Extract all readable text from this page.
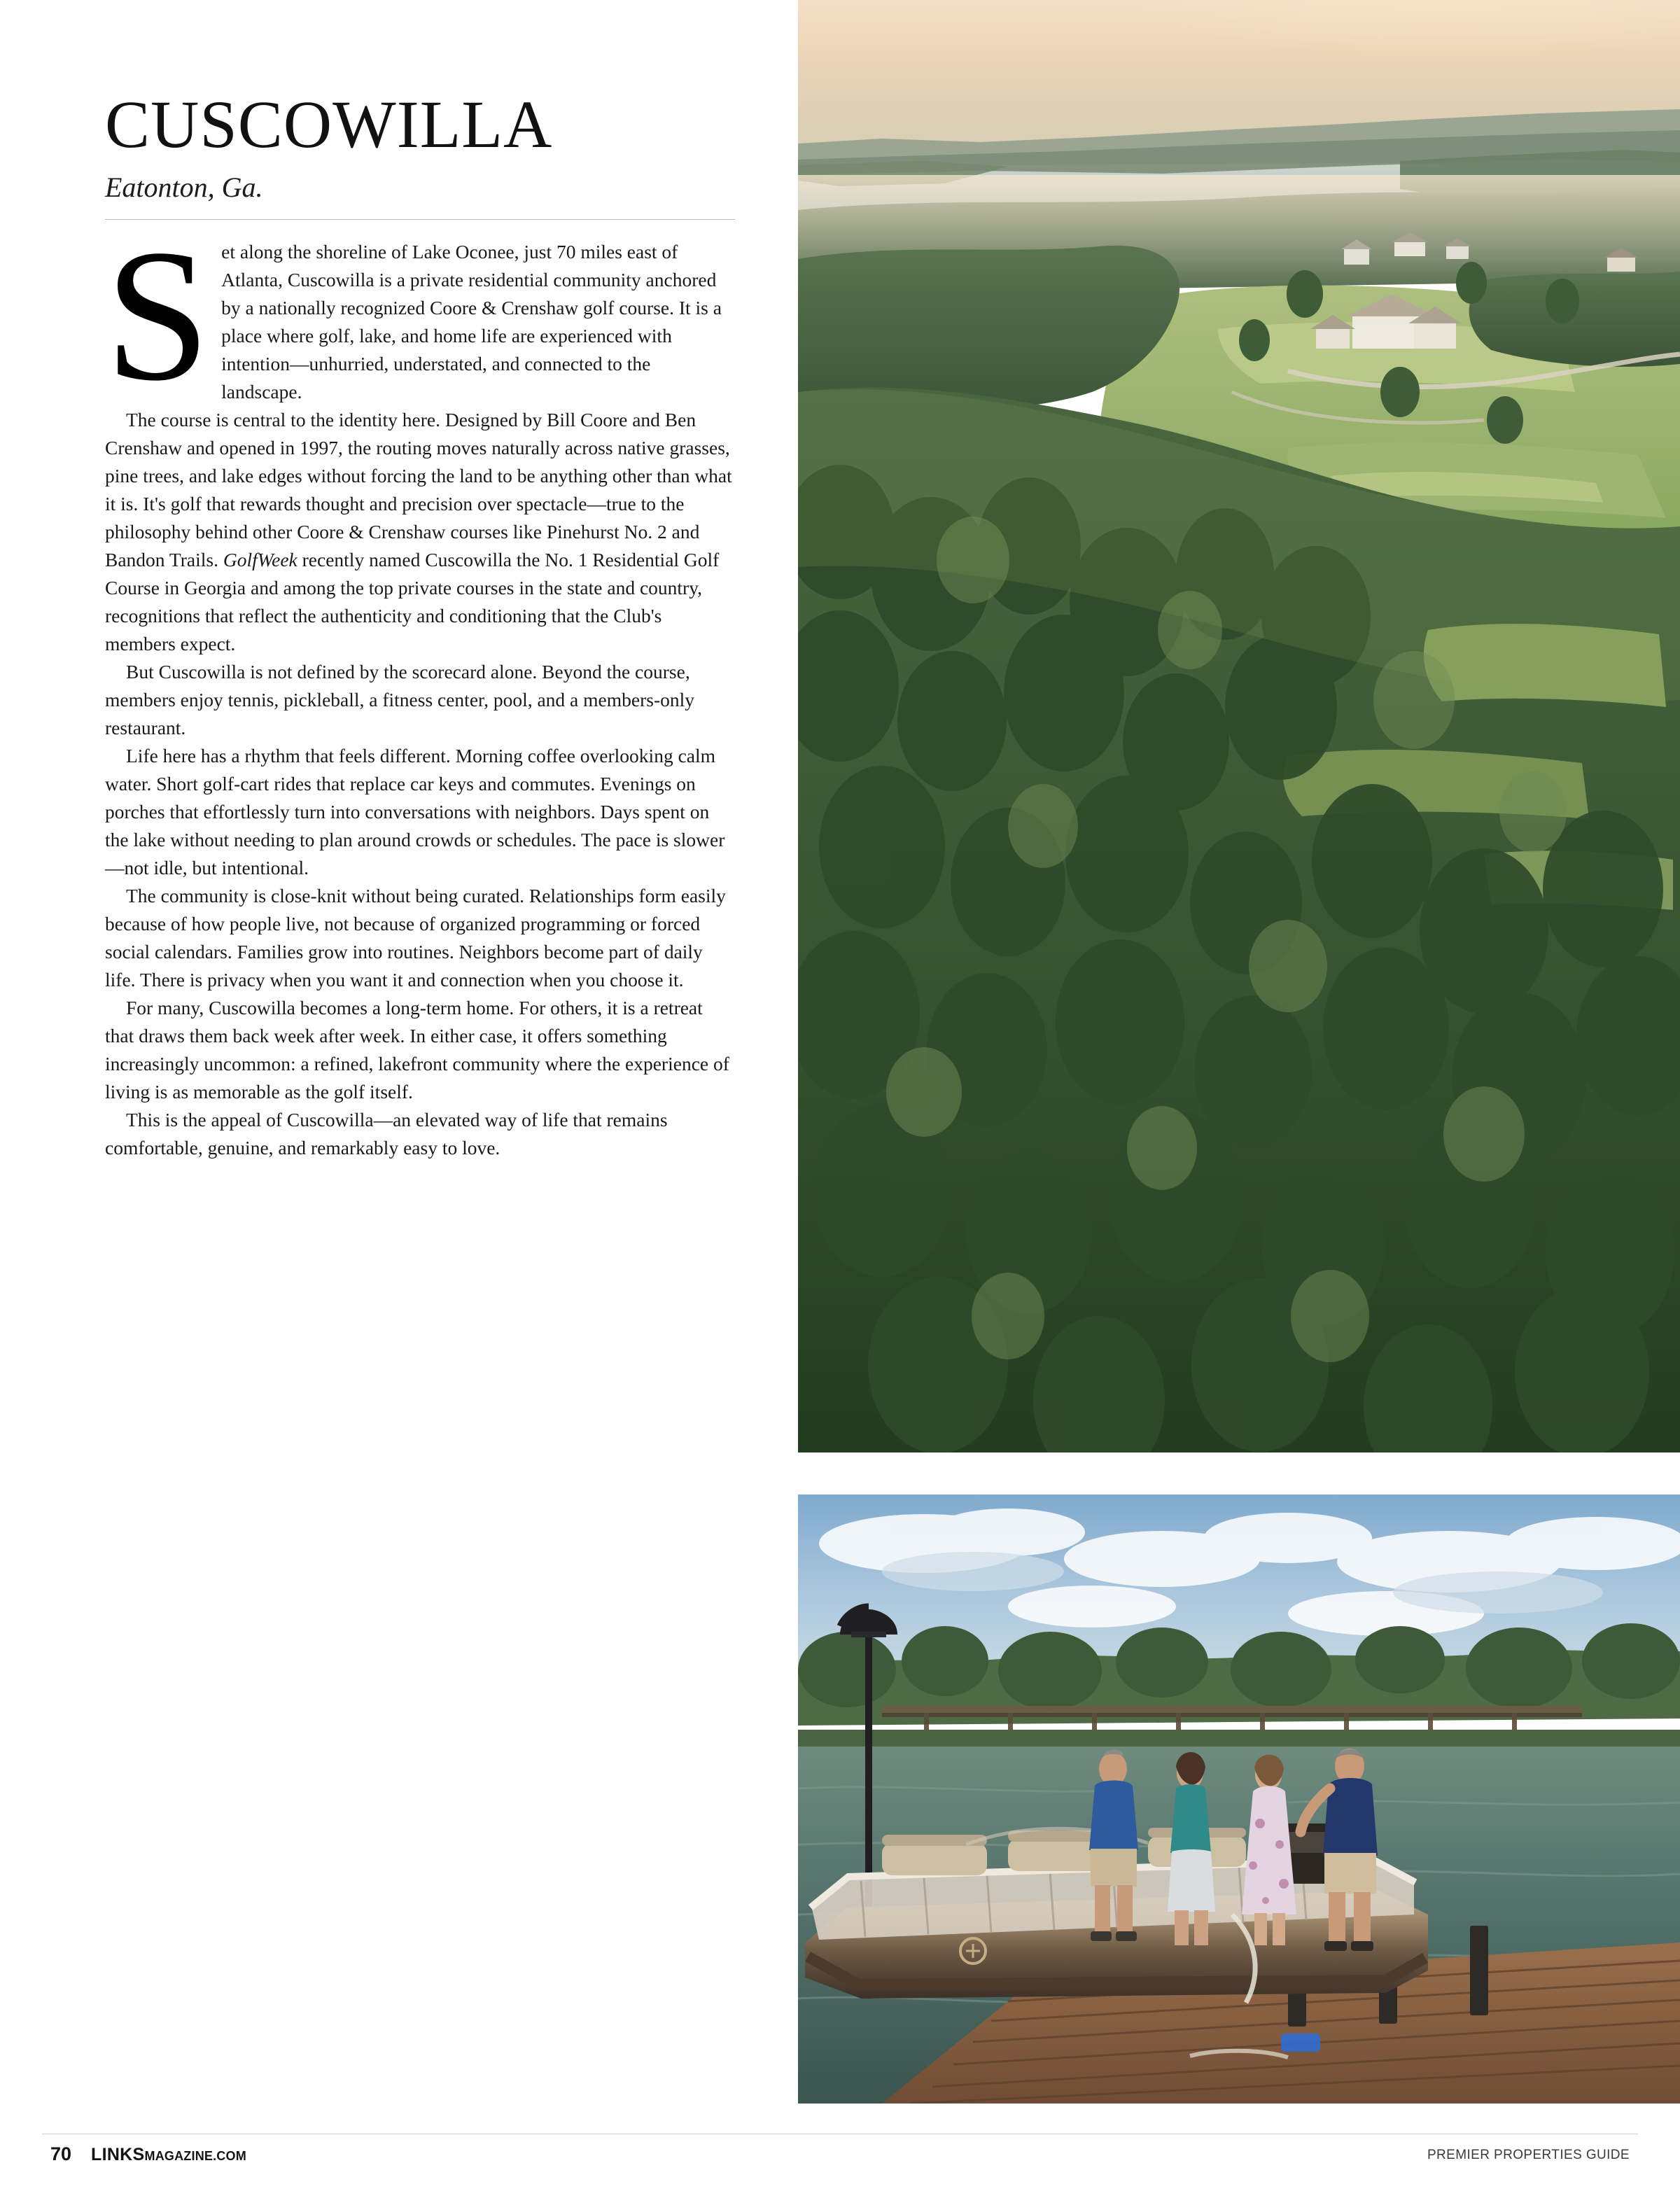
CUSCOWILLA
Eatonton, Ga.
S et along the shoreline of Lake Oconee, just 70 miles east of Atlanta, Cuscowilla is a private residential community anchored by a nationally recognized Coore & Crenshaw golf course. It is a place where golf, lake, and home life are experienced with intention—unhurried, understated, and connected to the landscape.

The course is central to the identity here. Designed by Bill Coore and Ben Crenshaw and opened in 1997, the routing moves naturally across native grasses, pine trees, and lake edges without forcing the land to be anything other than what it is. It's golf that rewards thought and precision over spectacle—true to the philosophy behind other Coore & Crenshaw courses like Pinehurst No. 2 and Bandon Trails. GolfWeek recently named Cuscowilla the No. 1 Residential Golf Course in Georgia and among the top private courses in the state and country, recognitions that reflect the authenticity and conditioning that the Club's members expect.

But Cuscowilla is not defined by the scorecard alone. Beyond the course, members enjoy tennis, pickleball, a fitness center, pool, and a members-only restaurant.

Life here has a rhythm that feels different. Morning coffee overlooking calm water. Short golf-cart rides that replace car keys and commutes. Evenings on porches that effortlessly turn into conversations with neighbors. Days spent on the lake without needing to plan around crowds or schedules. The pace is slower—not idle, but intentional.

The community is close-knit without being curated. Relationships form easily because of how people live, not because of organized programming or forced social calendars. Families grow into routines. Neighbors become part of daily life. There is privacy when you want it and connection when you choose it.

For many, Cuscowilla becomes a long-term home. For others, it is a retreat that draws them back week after week. In either case, it offers something increasingly uncommon: a refined, lakefront community where the experience of living is as memorable as the golf itself.

This is the appeal of Cuscowilla—an elevated way of life that remains comfortable, genuine, and remarkably easy to love.

70 LINKSMAGAZINE.COM	PREMIER PROPERTIES GUIDE
